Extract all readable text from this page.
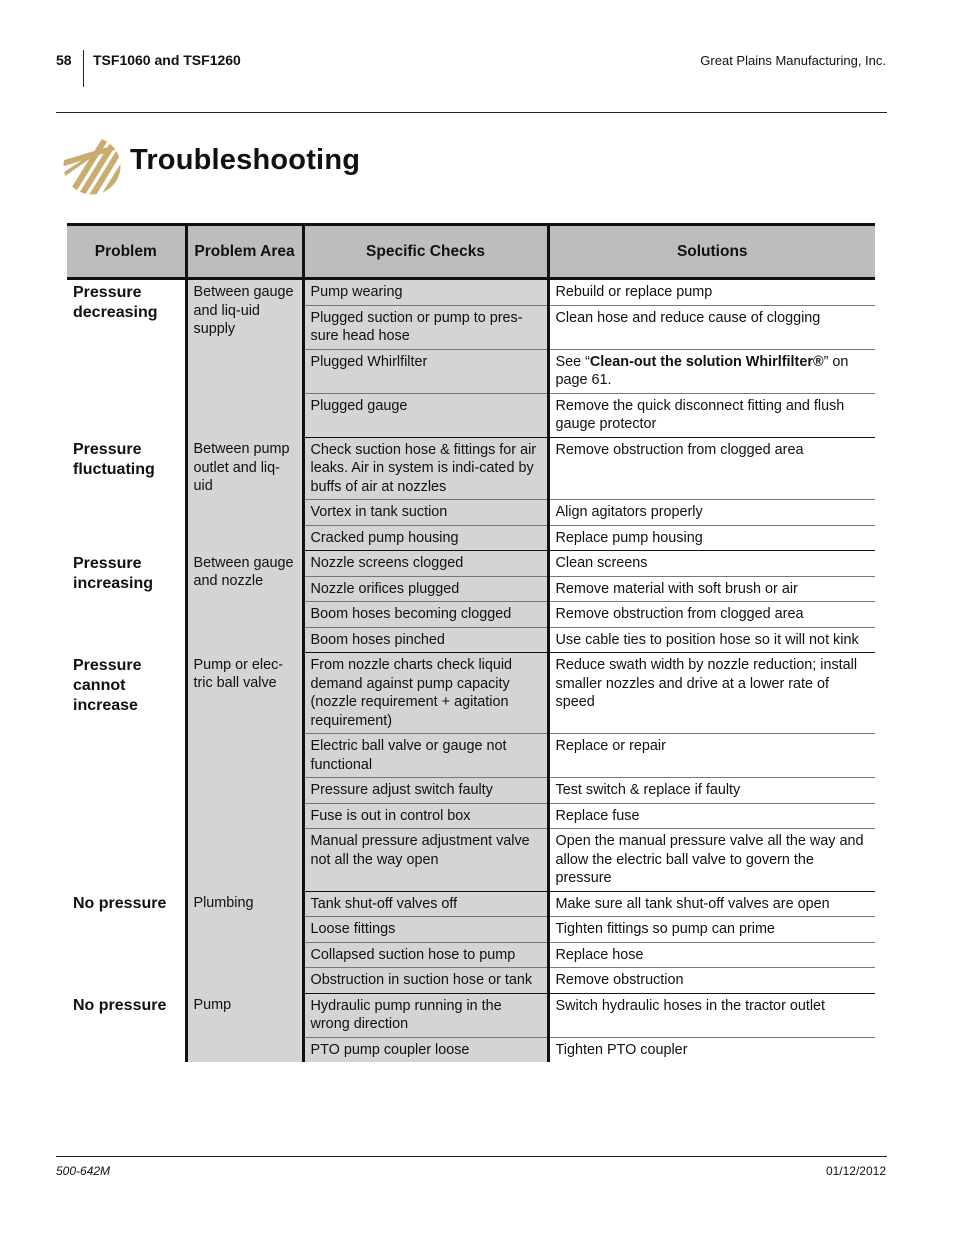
58 TSF1060 and TSF1260	Great Plains Manufacturing, Inc.
Troubleshooting
Problem	Problem Area	Specific Checks	Solutions
Pressure decreasing	Between gauge and liq-uid supply	Pump wearing	Rebuild or replace pump
		Plugged suction or pump to pres-sure head hose	Clean hose and reduce cause of clogging
		Plugged Whirlfilter	See “Clean-out the solution Whirlfilter®” on page 61.
		Plugged gauge	Remove the quick disconnect fitting and flush gauge protector
Pressure fluctuating	Between pump outlet and liq-uid	Check suction hose & fittings for air leaks. Air in system is indi-cated by buffs of air at nozzles	Remove obstruction from clogged area
		Vortex in tank suction	Align agitators properly
		Cracked pump housing	Replace pump housing
Pressure increasing	Between gauge and nozzle	Nozzle screens clogged	Clean screens
		Nozzle orifices plugged	Remove material with soft brush or air
		Boom hoses becoming clogged	Remove obstruction from clogged area
		Boom hoses pinched	Use cable ties to position hose so it will not kink
Pressure cannot increase	Pump or elec-tric ball valve	From nozzle charts check liquid demand against pump capacity (nozzle requirement + agitation requirement)	Reduce swath width by nozzle reduction; install smaller nozzles and drive at a lower rate of speed
		Electric ball valve or gauge not functional	Replace or repair
		Pressure adjust switch faulty	Test switch & replace if faulty
		Fuse is out in control box	Replace fuse
		Manual pressure adjustment valve not all the way open	Open the manual pressure valve all the way and allow the electric ball valve to govern the pressure
No pressure	Plumbing	Tank shut-off valves off	Make sure all tank shut-off valves are open
		Loose fittings	Tighten fittings so pump can prime
		Collapsed suction hose to pump	Replace hose
		Obstruction in suction hose or tank	Remove obstruction
No pressure	Pump	Hydraulic pump running in the wrong direction	Switch hydraulic hoses in the tractor outlet
		PTO pump coupler loose	Tighten PTO coupler
500-642M	01/12/2012
